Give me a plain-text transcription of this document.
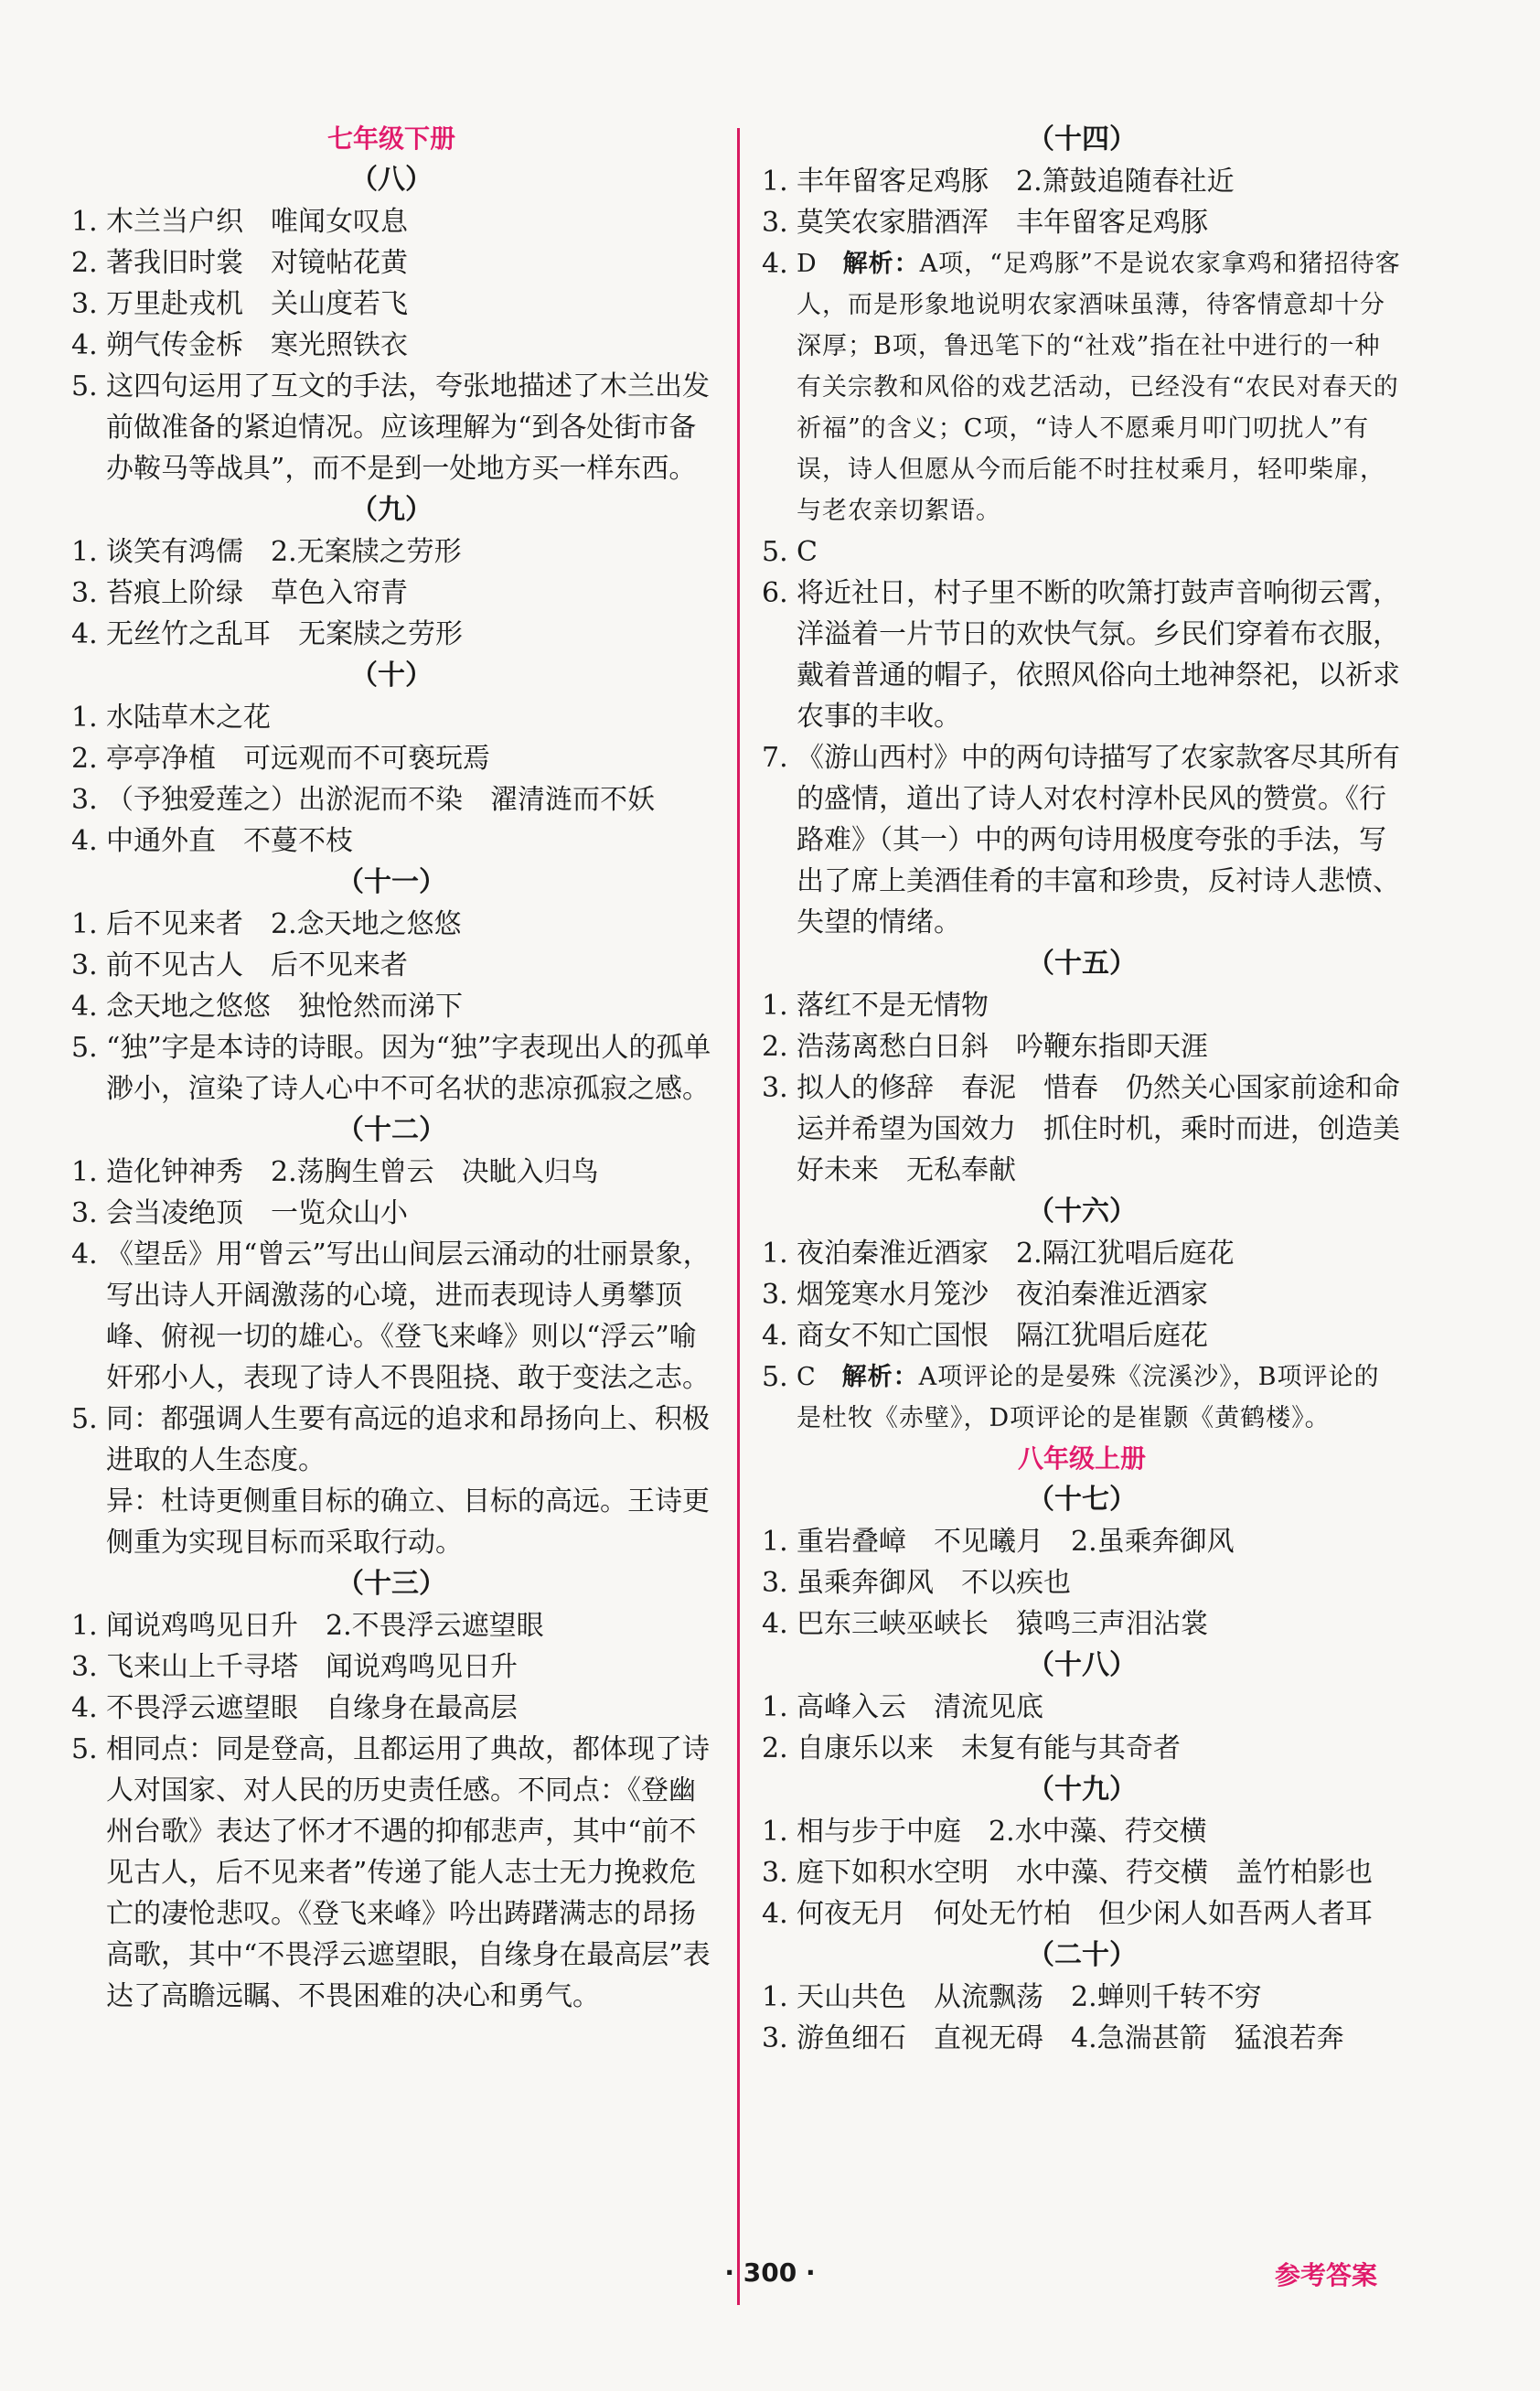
七年级下册
（八）
1. 木兰当户织　唯闻女叹息
2. 著我旧时裳　对镜帖花黄
3. 万里赴戎机　关山度若飞
4. 朔气传金柝　寒光照铁衣
5. 这四句运用了互文的手法，夸张地描述了木兰出发前做准备的紧迫情况。应该理解为“到各处街市备办鞍马等战具”，而不是到一处地方买一样东西。
（九）
1. 谈笑有鸿儒　2.无案牍之劳形
3. 苔痕上阶绿　草色入帘青
4. 无丝竹之乱耳　无案牍之劳形
（十）
1. 水陆草木之花
2. 亭亭净植　可远观而不可亵玩焉
3. （予独爱莲之）出淤泥而不染　濯清涟而不妖
4. 中通外直　不蔓不枝
（十一）
1. 后不见来者　2.念天地之悠悠
3. 前不见古人　后不见来者
4. 念天地之悠悠　独怆然而涕下
5. “独”字是本诗的诗眼。因为“独”字表现出人的孤单渺小，渲染了诗人心中不可名状的悲凉孤寂之感。
（十二）
1. 造化钟神秀　2.荡胸生曾云　决眦入归鸟
3. 会当凌绝顶　一览众山小
4. 《望岳》用“曾云”写出山间层云涌动的壮丽景象，写出诗人开阔激荡的心境，进而表现诗人勇攀顶峰、俯视一切的雄心。《登飞来峰》则以“浮云”喻奸邪小人，表现了诗人不畏阻挠、敢于变法之志。
5. 同：都强调人生要有高远的追求和昂扬向上、积极进取的人生态度。
异：杜诗更侧重目标的确立、目标的高远。王诗更侧重为实现目标而采取行动。
（十三）
1. 闻说鸡鸣见日升　2.不畏浮云遮望眼
3. 飞来山上千寻塔　闻说鸡鸣见日升
4. 不畏浮云遮望眼　自缘身在最高层
5. 相同点：同是登高，且都运用了典故，都体现了诗人对国家、对人民的历史责任感。不同点：《登幽州台歌》表达了怀才不遇的抑郁悲声，其中“前不见古人，后不见来者”传递了能人志士无力挽救危亡的凄怆悲叹。《登飞来峰》吟出踌躇满志的昂扬高歌，其中“不畏浮云遮望眼，自缘身在最高层”表达了高瞻远瞩、不畏困难的决心和勇气。
（十四）
1. 丰年留客足鸡豚　2.箫鼓追随春社近
3. 莫笑农家腊酒浑　丰年留客足鸡豚
4. D　解析：A项，“足鸡豚”不是说农家拿鸡和猪招待客人，而是形象地说明农家酒味虽薄，待客情意却十分深厚；B项，鲁迅笔下的“社戏”指在社中进行的一种有关宗教和风俗的戏艺活动，已经没有“农民对春天的祈福”的含义；C项，“诗人不愿乘月叩门叨扰人”有误，诗人但愿从今而后能不时拄杖乘月，轻叩柴扉，与老农亲切絮语。
5. C
6. 将近社日，村子里不断的吹箫打鼓声音响彻云霄，洋溢着一片节日的欢快气氛。乡民们穿着布衣服，戴着普通的帽子，依照风俗向土地神祭祀，以祈求农事的丰收。
7. 《游山西村》中的两句诗描写了农家款客尽其所有的盛情，道出了诗人对农村淳朴民风的赞赏。《行路难》（其一）中的两句诗用极度夸张的手法，写出了席上美酒佳肴的丰富和珍贵，反衬诗人悲愤、失望的情绪。
（十五）
1. 落红不是无情物
2. 浩荡离愁白日斜　吟鞭东指即天涯
3. 拟人的修辞　春泥　惜春　仍然关心国家前途和命运并希望为国效力　抓住时机，乘时而进，创造美好未来　无私奉献
（十六）
1. 夜泊秦淮近酒家　2.隔江犹唱后庭花
3. 烟笼寒水月笼沙　夜泊秦淮近酒家
4. 商女不知亡国恨　隔江犹唱后庭花
5. C　解析：A项评论的是晏殊《浣溪沙》，B项评论的是杜牧《赤壁》，D项评论的是崔颢《黄鹤楼》。
八年级上册
（十七）
1. 重岩叠嶂　不见曦月　2.虽乘奔御风
3. 虽乘奔御风　不以疾也
4. 巴东三峡巫峡长　猿鸣三声泪沾裳
（十八）
1. 高峰入云　清流见底
2. 自康乐以来　未复有能与其奇者
（十九）
1. 相与步于中庭　2.水中藻、荇交横
3. 庭下如积水空明　水中藻、荇交横　盖竹柏影也
4. 何夜无月　何处无竹柏　但少闲人如吾两人者耳
（二十）
1. 天山共色　从流飘荡　2.蝉则千转不穷
3. 游鱼细石　直视无碍　4.急湍甚箭　猛浪若奔
· 300 ·	参考答案
